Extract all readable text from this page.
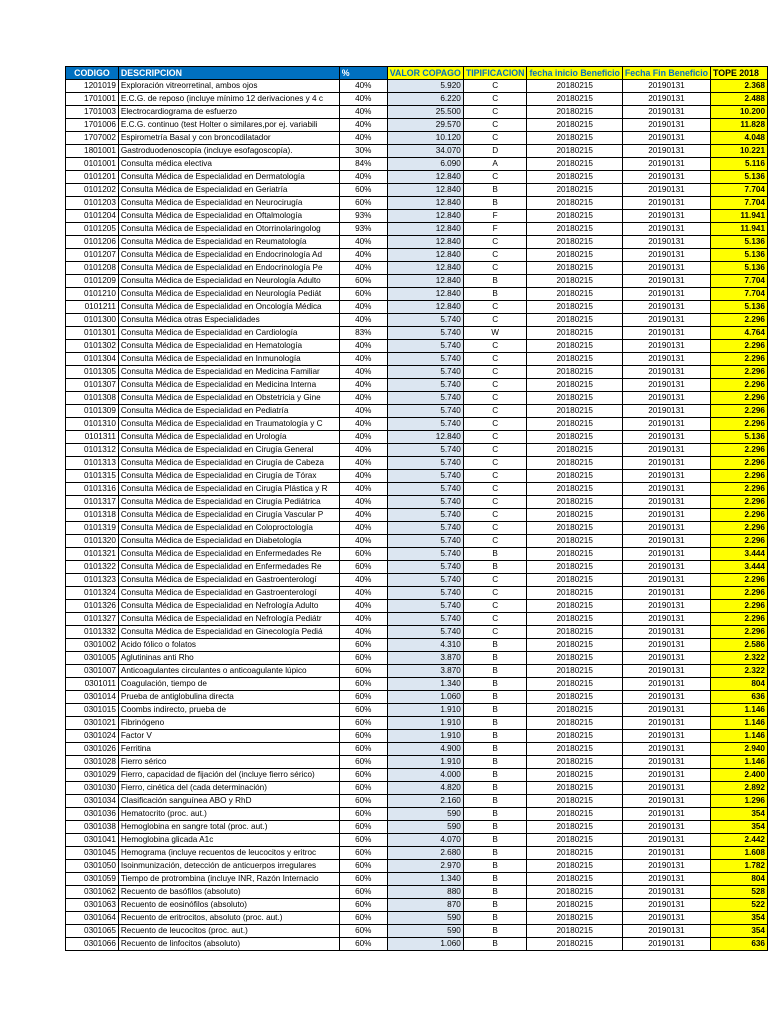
CODIGO	DESCRIPCION	%	VALOR COPAGO	TIPIFICACION	fecha inicio Beneficio	Fecha Fin Beneficio	TOPE 2018
1201019	Exploración vitreorretinal, ambos ojos	40%	5.920	C	20180215	20190131	2.368
1701001	E.C.G. de reposo (incluye mínimo 12 derivaciones y 4 c	40%	6.220	C	20180215	20190131	2.488
1701003	Electrocardiograma de esfuerzo	40%	25.500	C	20180215	20190131	10.200
1701006	E.C.G. continuo (test Holter o similares,por ej. variabili	40%	29.570	C	20180215	20190131	11.828
1707002	Espirometría Basal y con broncodilatador	40%	10.120	C	20180215	20190131	4.048
1801001	Gastroduodenoscopía (incluye esofagoscopía).	30%	34.070	D	20180215	20190131	10.221
0101001	Consulta médica electiva	84%	6.090	A	20180215	20190131	5.116
0101201	Consulta Médica de Especialidad en Dermatología	40%	12.840	C	20180215	20190131	5.136
0101202	Consulta Médica de Especialidad en Geriatría	60%	12.840	B	20180215	20190131	7.704
0101203	Consulta Médica de Especialidad en Neurocirugía	60%	12.840	B	20180215	20190131	7.704
0101204	Consulta Médica de Especialidad en Oftalmología	93%	12.840	F	20180215	20190131	11.941
0101205	Consulta Médica de Especialidad en Otorrinolaringolog	93%	12.840	F	20180215	20190131	11.941
0101206	Consulta Médica de Especialidad en Reumatología	40%	12.840	C	20180215	20190131	5.136
0101207	Consulta Médica de Especialidad en Endocrinología Ad	40%	12.840	C	20180215	20190131	5.136
0101208	Consulta Médica de Especialidad en Endocrinología Pe	40%	12.840	C	20180215	20190131	5.136
0101209	Consulta Médica de Especialidad en Neurología Adulto	60%	12.840	B	20180215	20190131	7.704
0101210	Consulta Médica de Especialidad en Neurología Pediát	60%	12.840	B	20180215	20190131	7.704
0101211	Consulta Médica de Especialidad en Oncología Médica	40%	12.840	C	20180215	20190131	5.136
0101300	Consulta Médica otras Especialidades	40%	5.740	C	20180215	20190131	2.296
0101301	Consulta Médica de Especialidad en Cardiología	83%	5.740	W	20180215	20190131	4.764
0101302	Consulta Médica de Especialidad en Hematología	40%	5.740	C	20180215	20190131	2.296
0101304	Consulta Médica de Especialidad en Inmunología	40%	5.740	C	20180215	20190131	2.296
0101305	Consulta Médica de Especialidad en Medicina Familiar	40%	5.740	C	20180215	20190131	2.296
0101307	Consulta Médica de Especialidad en Medicina Interna	40%	5.740	C	20180215	20190131	2.296
0101308	Consulta Médica de Especialidad en Obstetricia y Gine	40%	5.740	C	20180215	20190131	2.296
0101309	Consulta Médica de Especialidad en Pediatría	40%	5.740	C	20180215	20190131	2.296
0101310	Consulta Médica de Especialidad en Traumatología y C	40%	5.740	C	20180215	20190131	2.296
0101311	Consulta Médica de Especialidad en Urología	40%	12.840	C	20180215	20190131	5.136
0101312	Consulta Médica de Especialidad en Cirugía General	40%	5.740	C	20180215	20190131	2.296
0101313	Consulta Médica de Especialidad en Cirugía de Cabeza	40%	5.740	C	20180215	20190131	2.296
0101315	Consulta Médica de Especialidad en Cirugía de Tórax	40%	5.740	C	20180215	20190131	2.296
0101316	Consulta Médica de Especialidad en Cirugía Plástica y R	40%	5.740	C	20180215	20190131	2.296
0101317	Consulta Médica de Especialidad en Cirugía Pediátrica	40%	5.740	C	20180215	20190131	2.296
0101318	Consulta Médica de Especialidad en Cirugía Vascular P	40%	5.740	C	20180215	20190131	2.296
0101319	Consulta Médica de Especialidad en Coloproctología	40%	5.740	C	20180215	20190131	2.296
0101320	Consulta Médica de Especialidad en Diabetología	40%	5.740	C	20180215	20190131	2.296
0101321	Consulta Médica de Especialidad en Enfermedades Re	60%	5.740	B	20180215	20190131	3.444
0101322	Consulta Médica de Especialidad en Enfermedades Re	60%	5.740	B	20180215	20190131	3.444
0101323	Consulta Médica de Especialidad en Gastroenterologí	40%	5.740	C	20180215	20190131	2.296
0101324	Consulta Médica de Especialidad en Gastroenterologí	40%	5.740	C	20180215	20190131	2.296
0101326	Consulta Médica de Especialidad en Nefrología Adulto	40%	5.740	C	20180215	20190131	2.296
0101327	Consulta Médica de Especialidad en Nefrología Pediátr	40%	5.740	C	20180215	20190131	2.296
0101332	Consulta Médica de Especialidad en Ginecología Pediá	40%	5.740	C	20180215	20190131	2.296
0301002	Acido fólico o folatos	60%	4.310	B	20180215	20190131	2.586
0301005	Aglutininas anti Rho	60%	3.870	B	20180215	20190131	2.322
0301007	Anticoagulantes circulantes o anticoagulante lúpico	60%	3.870	B	20180215	20190131	2.322
0301011	Coagulación, tiempo de	60%	1.340	B	20180215	20190131	804
0301014	Prueba de antiglobulina directa	60%	1.060	B	20180215	20190131	636
0301015	Coombs indirecto, prueba de	60%	1.910	B	20180215	20190131	1.146
0301021	Fibrinógeno	60%	1.910	B	20180215	20190131	1.146
0301024	Factor V	60%	1.910	B	20180215	20190131	1.146
0301026	Ferritina	60%	4.900	B	20180215	20190131	2.940
0301028	Fierro sérico	60%	1.910	B	20180215	20190131	1.146
0301029	Fierro, capacidad de fijación del (incluye fierro sérico)	60%	4.000	B	20180215	20190131	2.400
0301030	Fierro, cinética del (cada determinación)	60%	4.820	B	20180215	20190131	2.892
0301034	Clasificación sanguínea ABO y RhD	60%	2.160	B	20180215	20190131	1.296
0301036	Hematocrito (proc. aut.)	60%	590	B	20180215	20190131	354
0301038	Hemoglobina en sangre total (proc. aut.)	60%	590	B	20180215	20190131	354
0301041	Hemoglobina glicada A1c	60%	4.070	B	20180215	20190131	2.442
0301045	Hemograma (incluye recuentos de leucocitos y eritroc	60%	2.680	B	20180215	20190131	1.608
0301050	Isoinmunización, detección de anticuerpos irregulares	60%	2.970	B	20180215	20190131	1.782
0301059	Tiempo de protrombina (incluye INR, Razón Internacio	60%	1.340	B	20180215	20190131	804
0301062	Recuento de basófilos (absoluto)	60%	880	B	20180215	20190131	528
0301063	Recuento de eosinófilos (absoluto)	60%	870	B	20180215	20190131	522
0301064	Recuento de eritrocitos, absoluto (proc. aut.)	60%	590	B	20180215	20190131	354
0301065	Recuento de leucocitos (proc. aut.)	60%	590	B	20180215	20190131	354
0301066	Recuento de linfocitos (absoluto)	60%	1.060	B	20180215	20190131	636
